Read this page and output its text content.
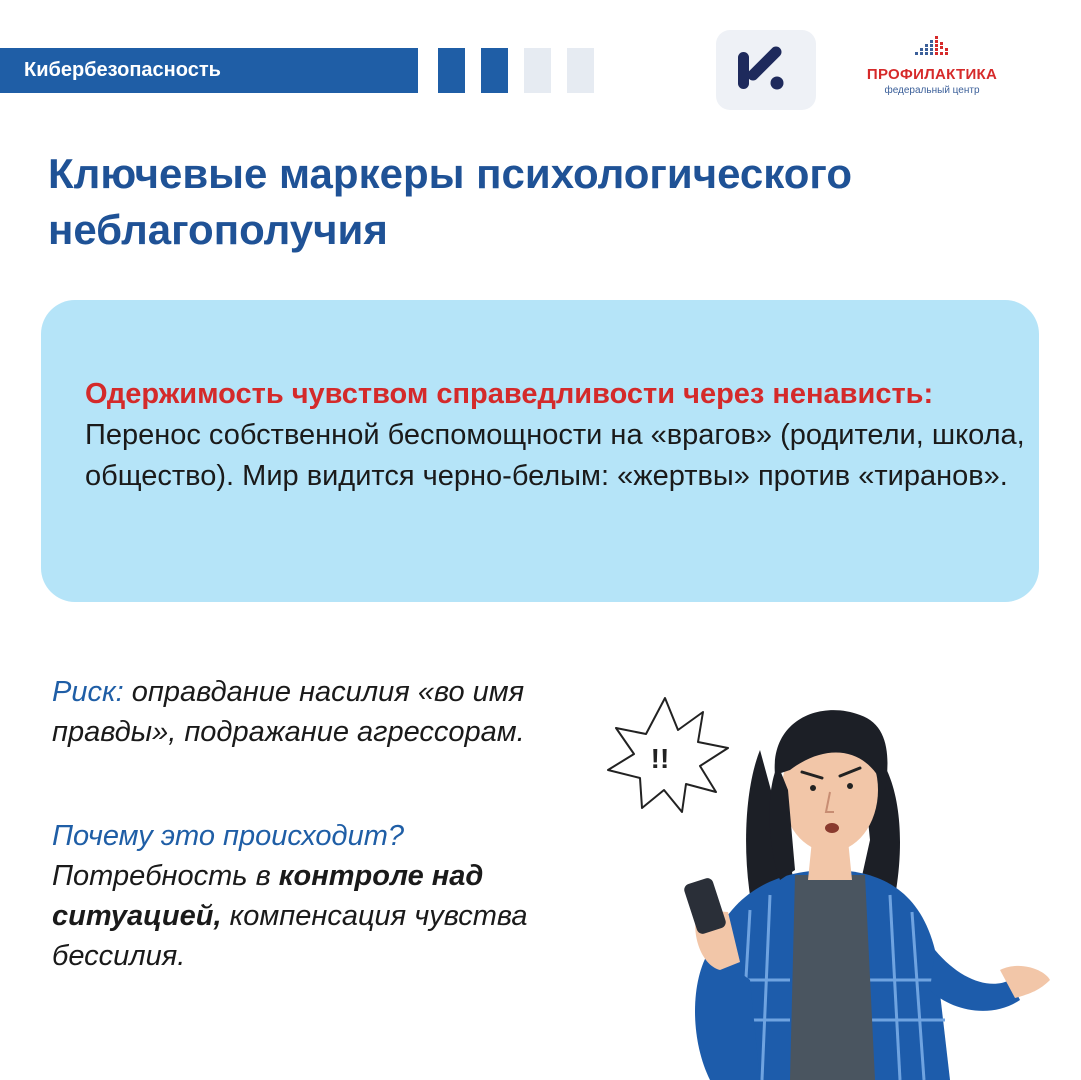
Кибербезопасность	ПРОФИЛАКТИКА
федеральный центр
Ключевые маркеры психологического
неблагополучия
Одержимость чувством справедливости через ненависть: Перенос собственной беспомощности на «врагов» (родители, школа, общество). Мир видится черно-белым: «жертвы» против «тиранов».
Риск: оправдание насилия «во имя правды», подражание агрессорам.
Почему это происходит?
Потребность в контроле над ситуацией, компенсация чувства бессилия.
!!
